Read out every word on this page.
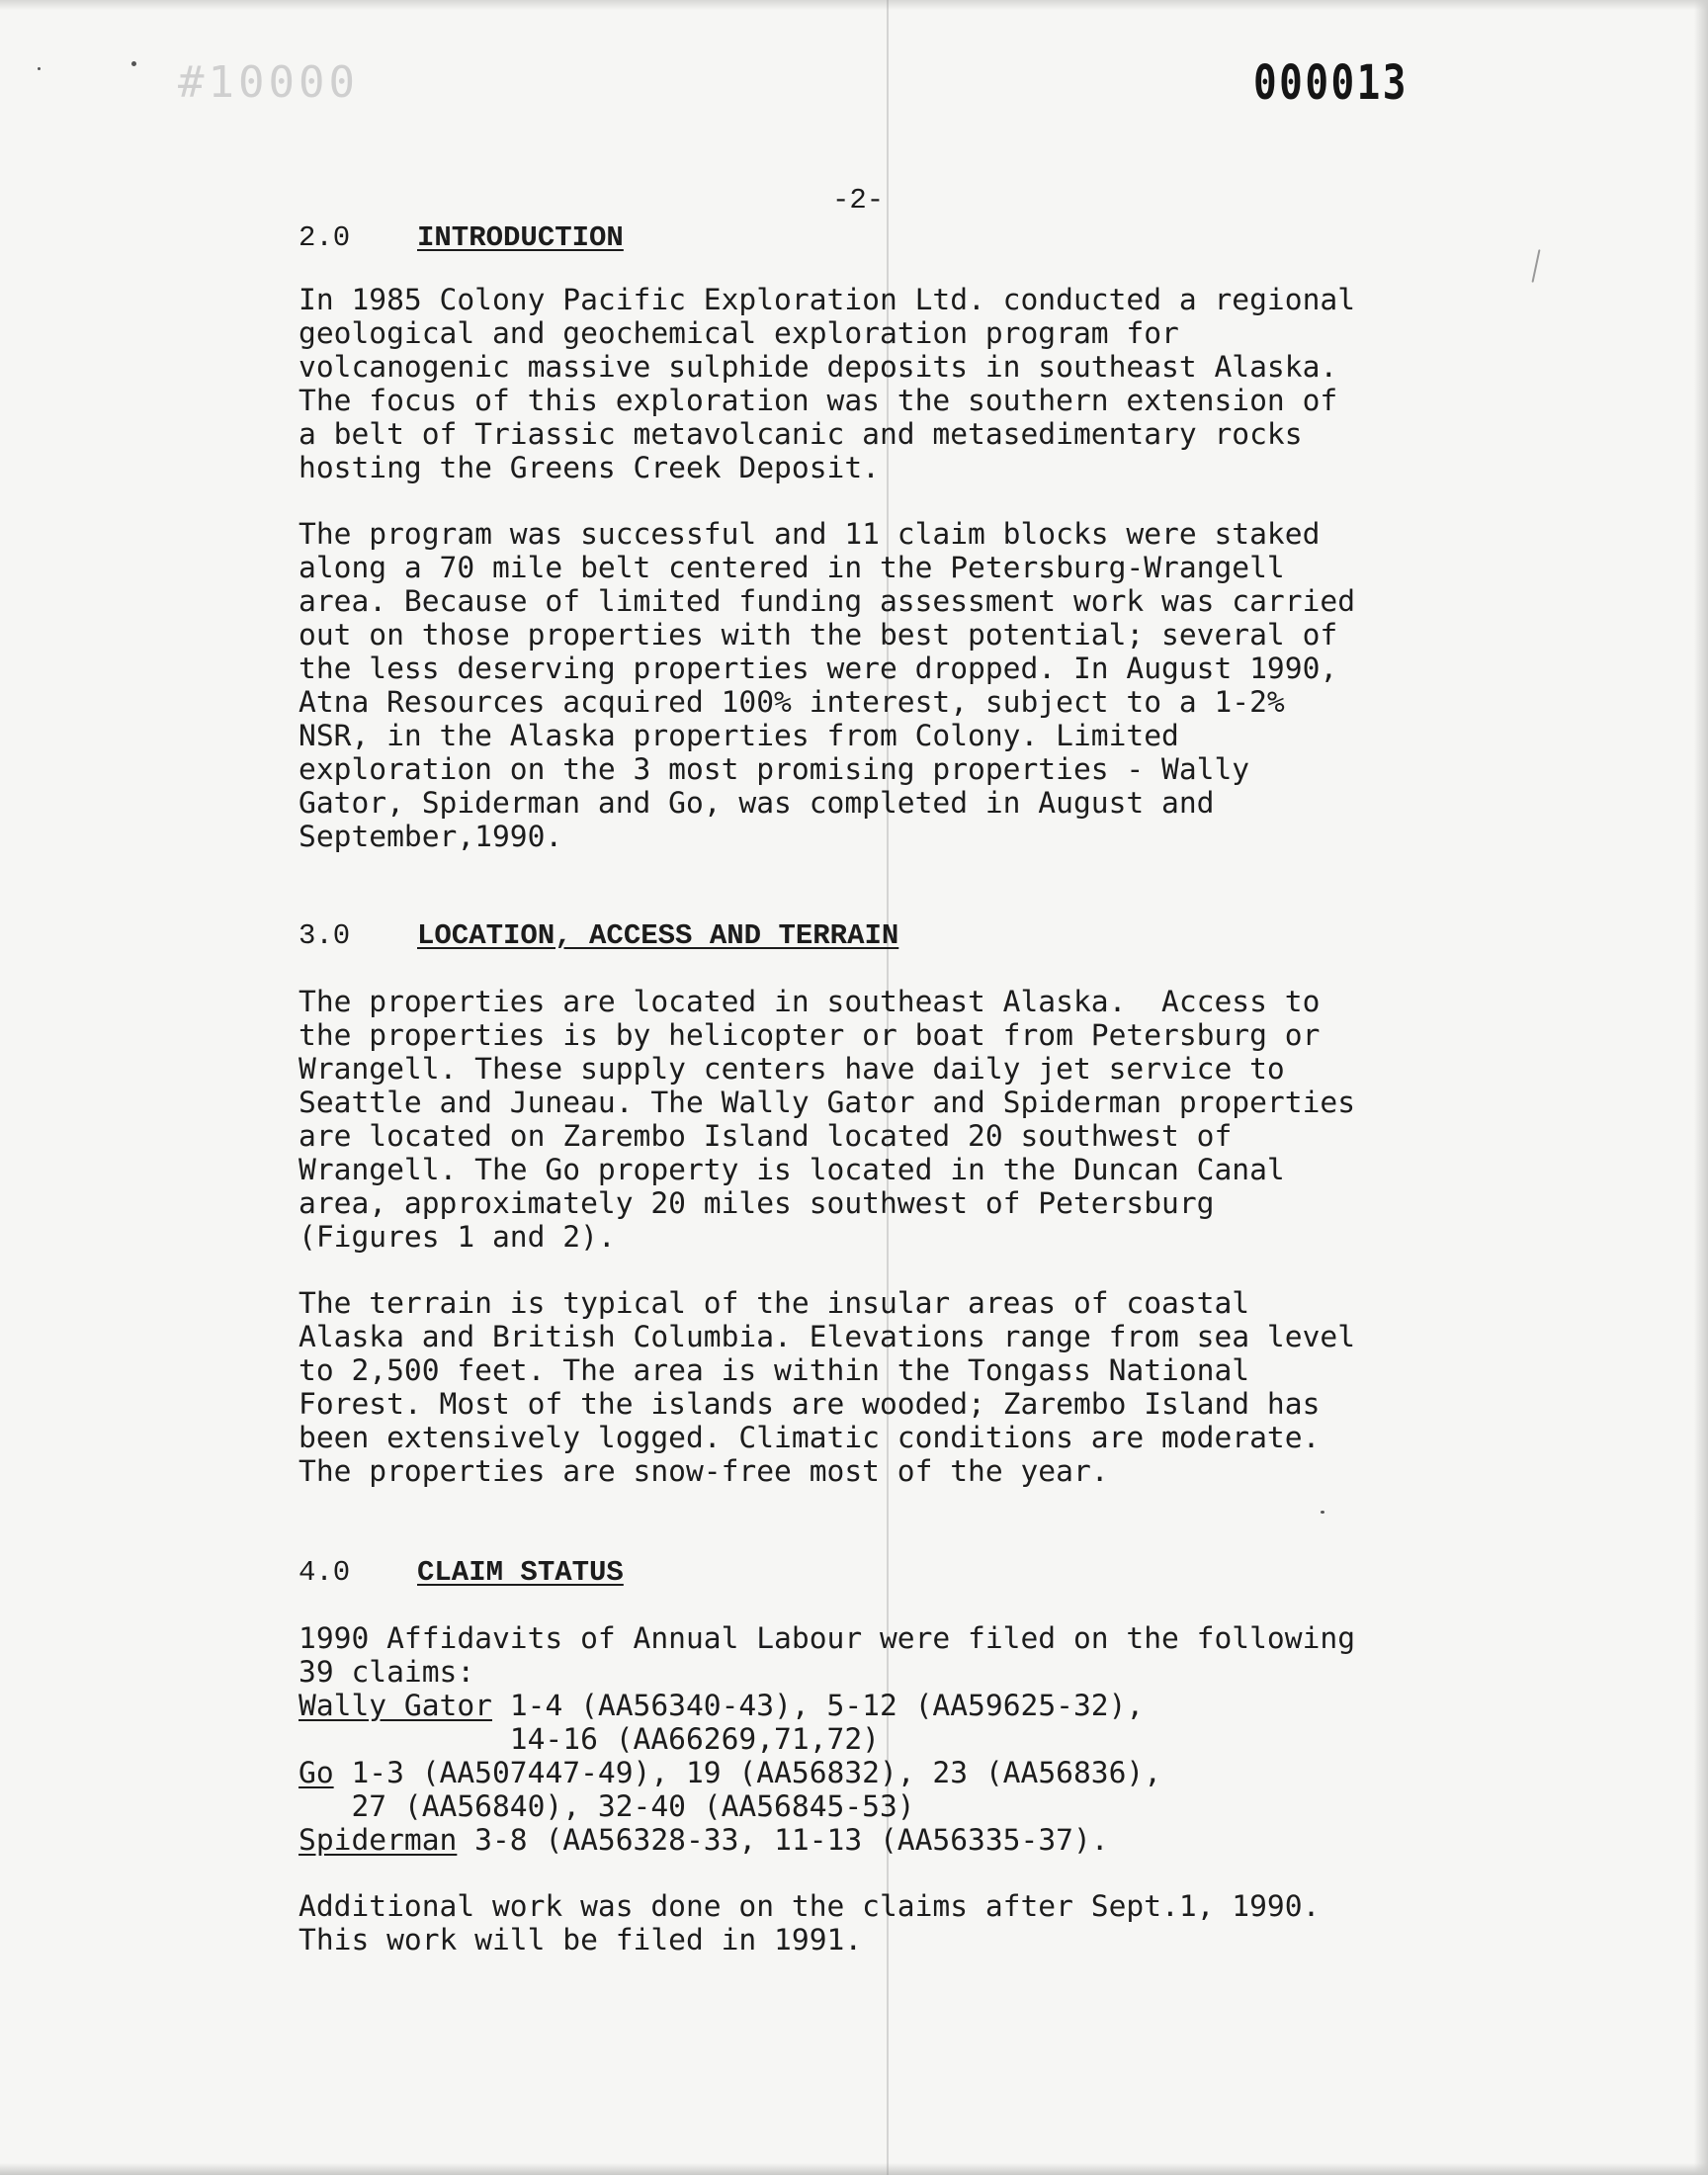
#10000	000013
-2-
2.0 INTRODUCTION
In 1985 Colony Pacific Exploration Ltd. conducted a regional
geological and geochemical exploration program for
volcanogenic massive sulphide deposits in southeast Alaska.
The focus of this exploration was the southern extension of
a belt of Triassic metavolcanic and metasedimentary rocks
hosting the Greens Creek Deposit.
The program was successful and 11 claim blocks were staked
along a 70 mile belt centered in the Petersburg-Wrangell
area. Because of limited funding assessment work was carried
out on those properties with the best potential; several of
the less deserving properties were dropped. In August 1990,
Atna Resources acquired 100% interest, subject to a 1-2%
NSR, in the Alaska properties from Colony. Limited
exploration on the 3 most promising properties - Wally
Gator, Spiderman and Go, was completed in August and
September,1990.
3.0 LOCATION, ACCESS AND TERRAIN
The properties are located in southeast Alaska.  Access to
the properties is by helicopter or boat from Petersburg or
Wrangell. These supply centers have daily jet service to
Seattle and Juneau. The Wally Gator and Spiderman properties
are located on Zarembo Island located 20 southwest of
Wrangell. The Go property is located in the Duncan Canal
area, approximately 20 miles southwest of Petersburg
(Figures 1 and 2).
The terrain is typical of the insular areas of coastal
Alaska and British Columbia. Elevations range from sea level
to 2,500 feet. The area is within the Tongass National
Forest. Most of the islands are wooded; Zarembo Island has
been extensively logged. Climatic conditions are moderate.
The properties are snow-free most of the year.
4.0 CLAIM STATUS
1990 Affidavits of Annual Labour were filed on the following
39 claims:
Wally Gator 1-4 (AA56340-43), 5-12 (AA59625-32),
14-16 (AA66269,71,72)
Go 1-3 (AA507447-49), 19 (AA56832), 23 (AA56836),
27 (AA56840), 32-40 (AA56845-53)
Spiderman 3-8 (AA56328-33, 11-13 (AA56335-37).
Additional work was done on the claims after Sept.1, 1990.
This work will be filed in 1991.
